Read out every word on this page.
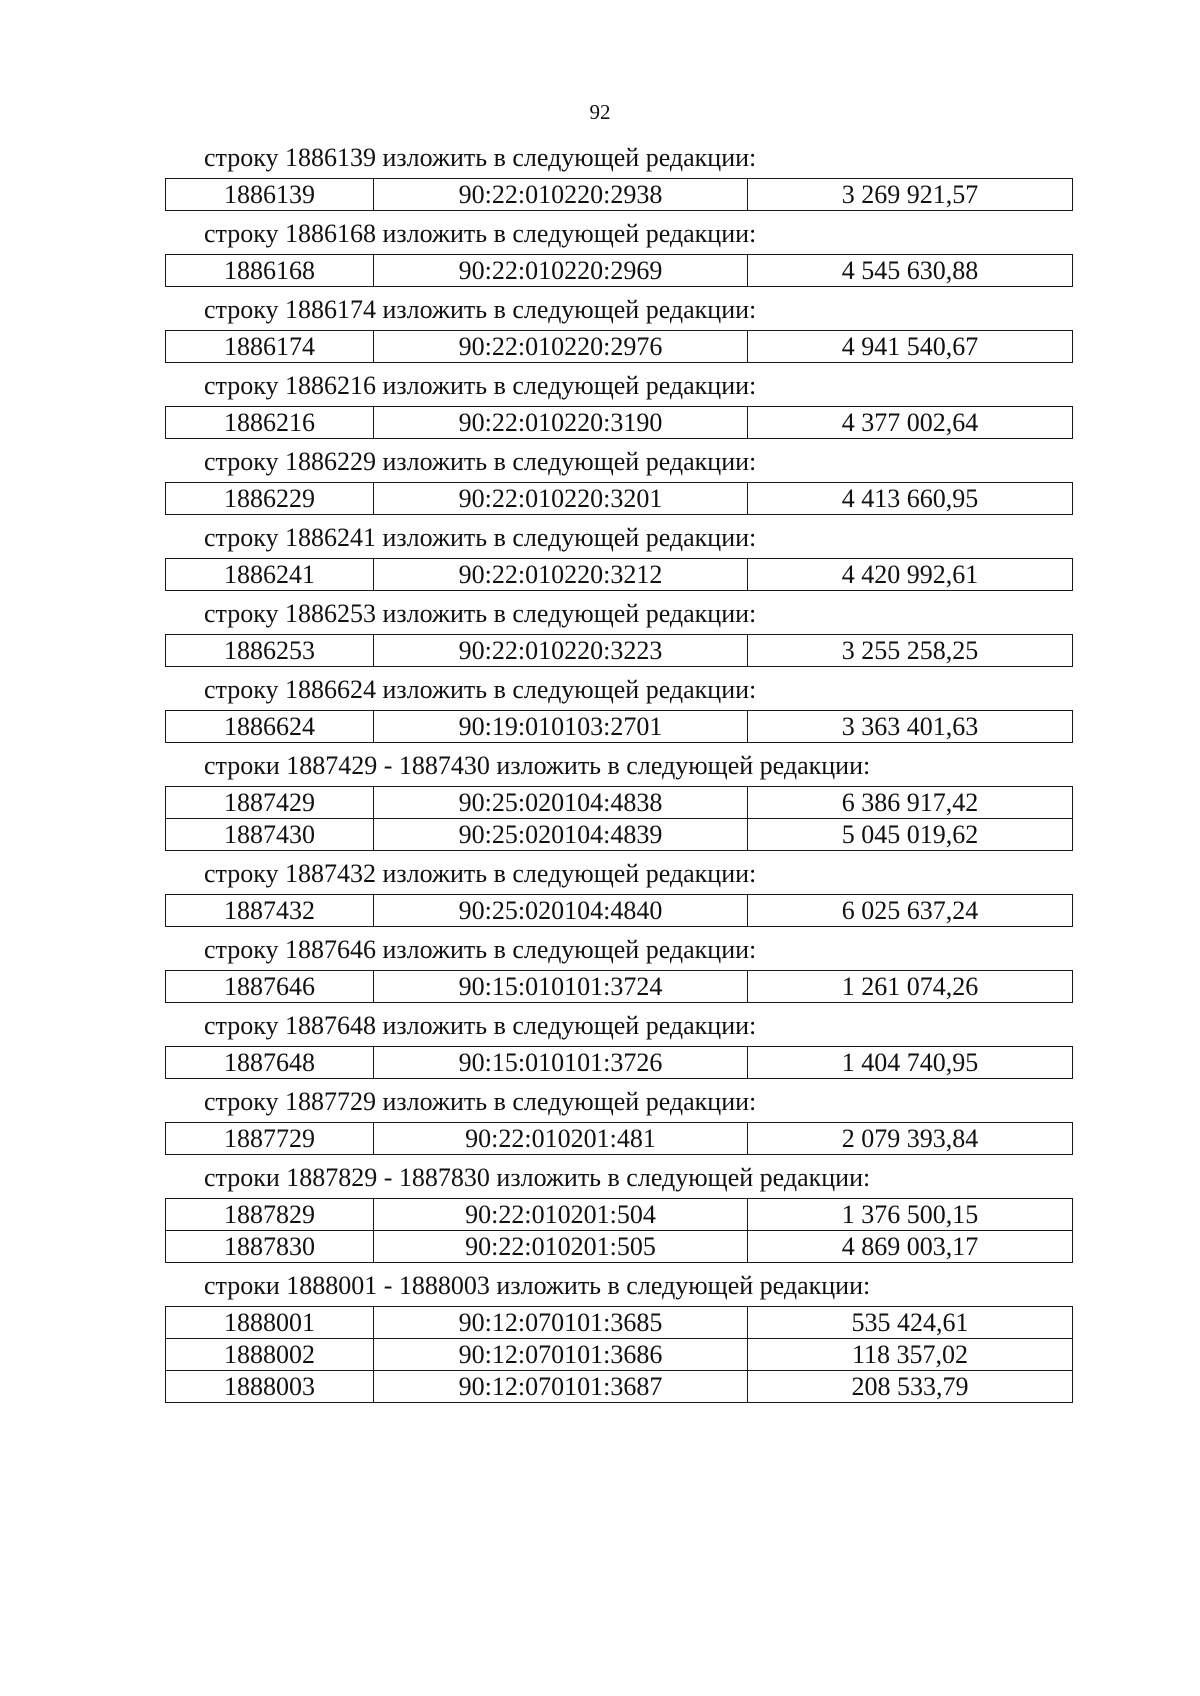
92
строку 1886139 изложить в следующей редакции:
1886139	90:22:010220:2938	3 269 921,57
строку 1886168 изложить в следующей редакции:
1886168	90:22:010220:2969	4 545 630,88
строку 1886174 изложить в следующей редакции:
1886174	90:22:010220:2976	4 941 540,67
строку 1886216 изложить в следующей редакции:
1886216	90:22:010220:3190	4 377 002,64
строку 1886229 изложить в следующей редакции:
1886229	90:22:010220:3201	4 413 660,95
строку 1886241 изложить в следующей редакции:
1886241	90:22:010220:3212	4 420 992,61
строку 1886253 изложить в следующей редакции:
1886253	90:22:010220:3223	3 255 258,25
строку 1886624 изложить в следующей редакции:
1886624	90:19:010103:2701	3 363 401,63
строки 1887429 - 1887430 изложить в следующей редакции:
1887429	90:25:020104:4838	6 386 917,42
1887430	90:25:020104:4839	5 045 019,62
строку 1887432 изложить в следующей редакции:
1887432	90:25:020104:4840	6 025 637,24
строку 1887646 изложить в следующей редакции:
1887646	90:15:010101:3724	1 261 074,26
строку 1887648 изложить в следующей редакции:
1887648	90:15:010101:3726	1 404 740,95
строку 1887729 изложить в следующей редакции:
1887729	90:22:010201:481	2 079 393,84
строки 1887829 - 1887830 изложить в следующей редакции:
1887829	90:22:010201:504	1 376 500,15
1887830	90:22:010201:505	4 869 003,17
строки 1888001 - 1888003 изложить в следующей редакции:
1888001	90:12:070101:3685	535 424,61
1888002	90:12:070101:3686	118 357,02
1888003	90:12:070101:3687	208 533,79
